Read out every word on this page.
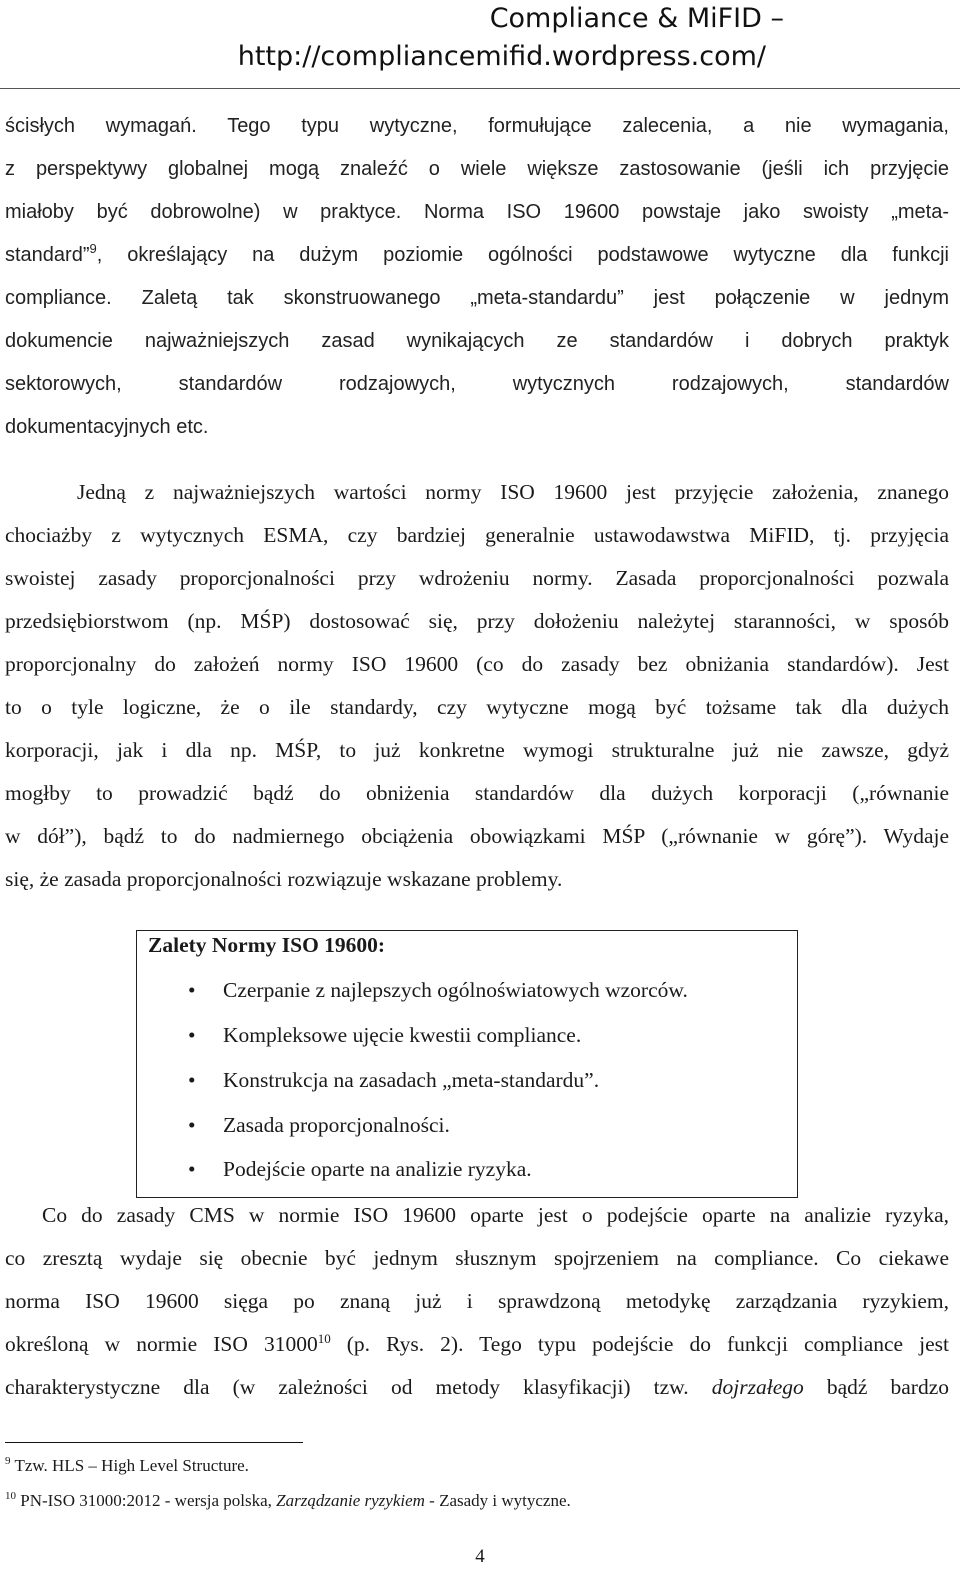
Compliance & MiFID –
http://compliancemifid.wordpress.com/
ścisłych wymagań. Tego typu wytyczne, formułujące zalecenia, a nie wymagania,
z perspektywy globalnej mogą znaleźć o wiele większe zastosowanie (jeśli ich przyjęcie
miałoby być dobrowolne) w praktyce. Norma ISO 19600 powstaje jako swoisty „meta-
standard”$^9$, określający na dużym poziomie ogólności podstawowe wytyczne dla funkcji
compliance. Zaletą tak skonstruowanego „meta-standardu” jest połączenie w jednym
dokumencie najważniejszych zasad wynikających ze standardów i dobrych praktyk
sektorowych, standardów rodzajowych, wytycznych rodzajowych, standardów
dokumentacyjnych etc.
Jedną z najważniejszych wartości normy ISO 19600 jest przyjęcie założenia, znanego
chociażby z wytycznych ESMA, czy bardziej generalnie ustawodawstwa MiFID, tj. przyjęcia
swoistej zasady proporcjonalności przy wdrożeniu normy. Zasada proporcjonalności pozwala
przedsiębiorstwom (np. MŚP) dostosować się, przy dołożeniu należytej staranności, w sposób
proporcjonalny do założeń normy ISO 19600 (co do zasady bez obniżania standardów). Jest
to o tyle logiczne, że o ile standardy, czy wytyczne mogą być tożsame tak dla dużych
korporacji, jak i dla np. MŚP, to już konkretne wymogi strukturalne już nie zawsze, gdyż
mogłby to prowadzić bądź do obniżenia standardów dla dużych korporacji („równanie
w dół”), bądź to do nadmiernego obciążenia obowiązkami MŚP („równanie w górę”). Wydaje
się, że zasada proporcjonalności rozwiązuje wskazane problemy.
Zalety Normy ISO 19600:
• Czerpanie z najlepszych ogólnoświatowych wzorców.
• Kompleksowe ujęcie kwestii compliance.
• Konstrukcja na zasadach „meta-standardu”.
• Zasada proporcjonalności.
• Podejście oparte na analizie ryzyka.
Co do zasady CMS w normie ISO 19600 oparte jest o podejście oparte na analizie ryzyka,
co zresztą wydaje się obecnie być jednym słusznym spojrzeniem na compliance. Co ciekawe
norma ISO 19600 sięga po znaną już i sprawdzoną metodykę zarządzania ryzykiem,
określoną w normie ISO 31000$^{10}$ (p. Rys. 2). Tego typu podejście do funkcji compliance jest
charakterystyczne dla (w zależności od metody klasyfikacji) tzw. dojrzałego bądź bardzo
$^9$ Tzw. HLS – High Level Structure.
$^{10}$ PN-ISO 31000:2012 - wersja polska, Zarządzanie ryzykiem - Zasady i wytyczne.
4
